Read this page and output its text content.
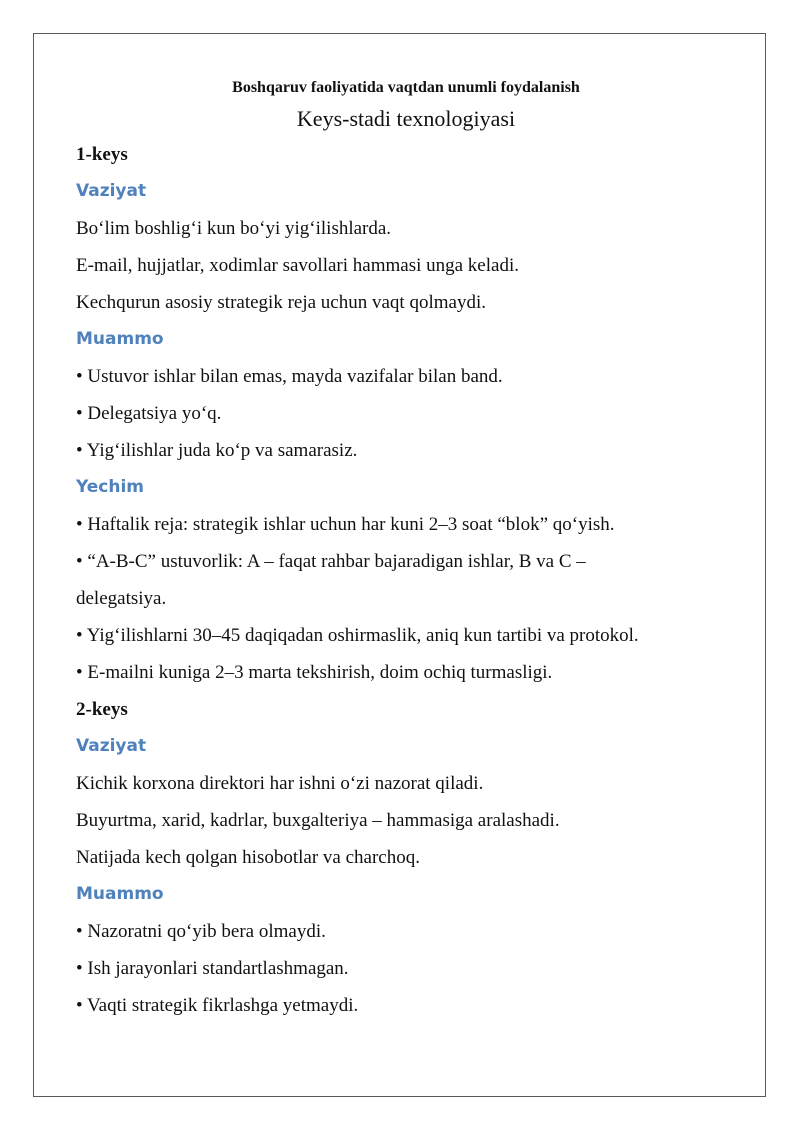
Boshqaruv faoliyatida vaqtdan unumli foydalanish

Keys-stadi texnologiyasi

1-keys

Vaziyat

Bo‘lim boshlig‘i kun bo‘yi yig‘ilishlarda.

E-mail, hujjatlar, xodimlar savollari hammasi unga keladi.

Kechqurun asosiy strategik reja uchun vaqt qolmaydi.

Muammo

• Ustuvor ishlar bilan emas, mayda vazifalar bilan band.

• Delegatsiya yo‘q.

• Yig‘ilishlar juda ko‘p va samarasiz.

Yechim

• Haftalik reja: strategik ishlar uchun har kuni 2–3 soat “blok” qo‘yish.

• “A-B-C” ustuvorlik: A – faqat rahbar bajaradigan ishlar, B va C –

delegatsiya.

• Yig‘ilishlarni 30–45 daqiqadan oshirmaslik, aniq kun tartibi va protokol.

• E-mailni kuniga 2–3 marta tekshirish, doim ochiq turmasligi.

2-keys

Vaziyat

Kichik korxona direktori har ishni o‘zi nazorat qiladi.

Buyurtma, xarid, kadrlar, buxgalteriya – hammasiga aralashadi.

Natijada kech qolgan hisobotlar va charchoq.

Muammo

• Nazoratni qo‘yib bera olmaydi.

• Ish jarayonlari standartlashmagan.

• Vaqti strategik fikrlashga yetmaydi.
